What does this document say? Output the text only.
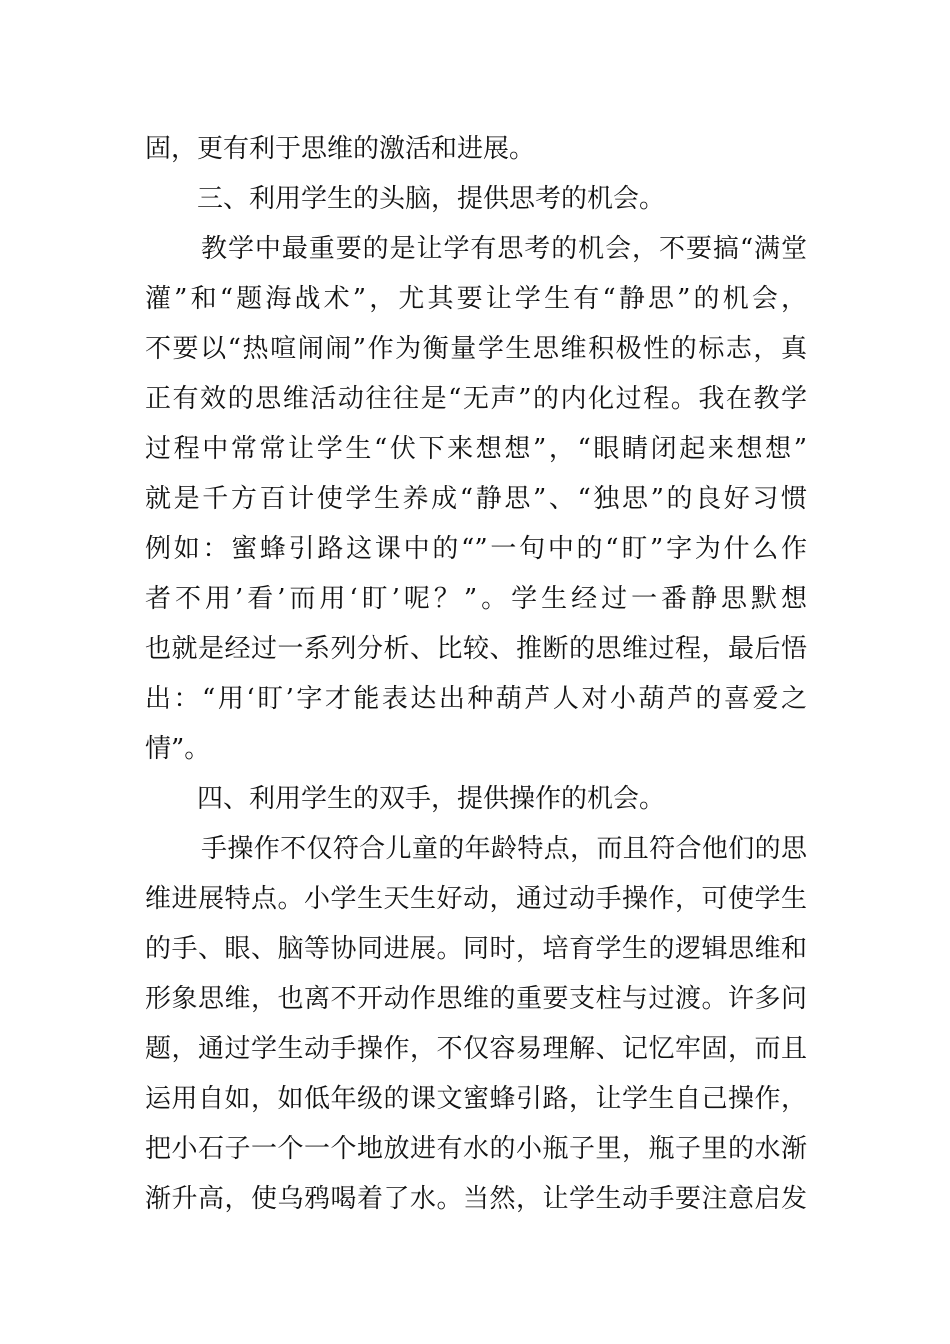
固，更有利于思维的激活和进展。
三、利用学生的头脑，提供思考的机会。
教学中最重要的是让学有思考的机会，不要搞“满堂
灌”和“题海战术”，尤其要让学生有“静思”的机会，
不要以“热喧闹闹”作为衡量学生思维积极性的标志，真
正有效的思维活动往往是“无声”的内化过程。我在教学
过程中常常让学生“伏下来想想”，“眼睛闭起来想想”
就是千方百计使学生养成“静思”、“独思”的良好习惯
例如：蜜蜂引路这课中的“”一句中的“盯”字为什么作
者不用’看’而用‘盯’呢？”。学生经过一番静思默想
也就是经过一系列分析、比较、推断的思维过程，最后悟
出：“用‘盯’字才能表达出种葫芦人对小葫芦的喜爱之
情”。
四、利用学生的双手，提供操作的机会。
手操作不仅符合儿童的年龄特点，而且符合他们的思
维进展特点。小学生天生好动，通过动手操作，可使学生
的手、眼、脑等协同进展。同时，培育学生的逻辑思维和
形象思维，也离不开动作思维的重要支柱与过渡。许多问
题，通过学生动手操作，不仅容易理解、记忆牢固，而且
运用自如，如低年级的课文蜜蜂引路，让学生自己操作，
把小石子一个一个地放进有水的小瓶子里，瓶子里的水渐
渐升高，使乌鸦喝着了水。当然，让学生动手要注意启发
